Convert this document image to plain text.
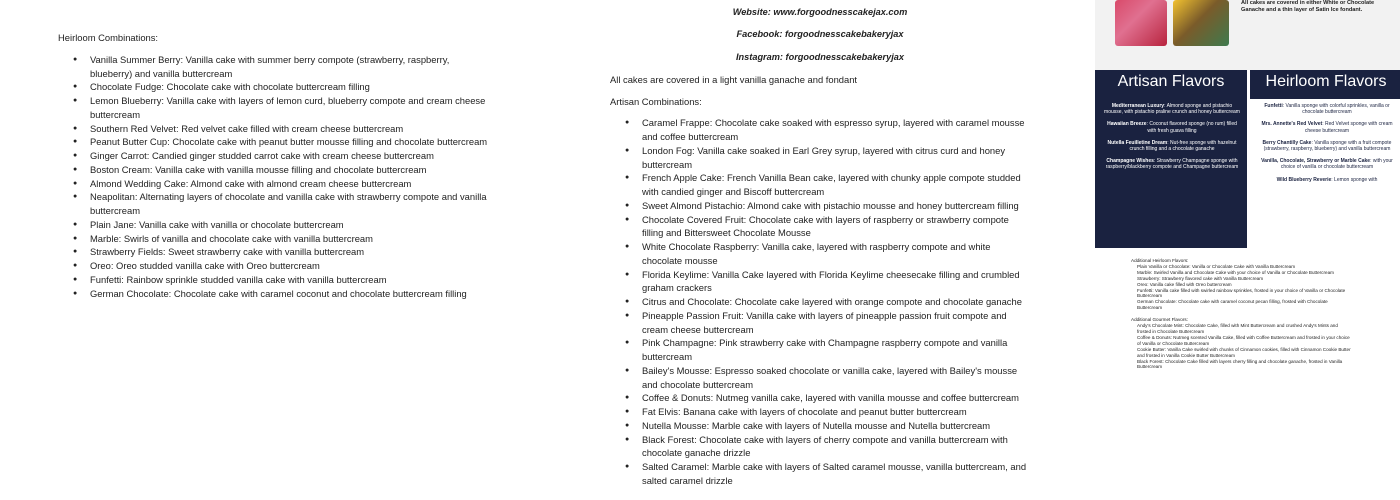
Heirloom Combinations:
● Vanilla Summer Berry: Vanilla cake with summer berry compote (strawberry, raspberry, blueberry) and vanilla buttercream
● Chocolate Fudge: Chocolate cake with chocolate buttercream filling
● Lemon Blueberry: Vanilla cake with layers of lemon curd, blueberry compote and cream cheese buttercream
● Southern Red Velvet: Red velvet cake filled with cream cheese buttercream
● Peanut Butter Cup: Chocolate cake with peanut butter mousse filling and chocolate buttercream
● Ginger Carrot: Candied ginger studded carrot cake with cream cheese buttercream
● Boston Cream: Vanilla cake with vanilla mousse filling and chocolate buttercream
● Almond Wedding Cake: Almond cake with almond cream cheese buttercream
● Neapolitan: Alternating layers of chocolate and vanilla cake with strawberry compote and vanilla buttercream
● Plain Jane: Vanilla cake with vanilla or chocolate buttercream
● Marble: Swirls of vanilla and chocolate cake with vanilla buttercream
● Strawberry Fields: Sweet strawberry cake with vanilla buttercream
● Oreo: Oreo studded vanilla cake with Oreo buttercream
● Funfetti: Rainbow sprinkle studded vanilla cake with vanilla buttercream
● German Chocolate: Chocolate cake with caramel coconut and chocolate buttercream filling
Website: www.forgoodnesscakejax.com
Facebook: forgoodnesscakebakeryjax
Instagram: forgoodnesscakebakeryjax
All cakes are covered in a light vanilla ganache and fondant
Artisan Combinations:
● Caramel Frappe: Chocolate cake soaked with espresso syrup, layered with caramel mousse and coffee buttercream
● London Fog: Vanilla cake soaked in Earl Grey syrup, layered with citrus curd and honey buttercream
● French Apple Cake: French Vanilla Bean cake, layered with chunky apple compote studded with candied ginger and Biscoff buttercream
● Sweet Almond Pistachio: Almond cake with pistachio mousse and honey buttercream filling
● Chocolate Covered Fruit: Chocolate cake with layers of raspberry or strawberry compote filling and Bittersweet Chocolate Mousse
● White Chocolate Raspberry: Vanilla cake, layered with raspberry compote and white chocolate mousse
● Florida Keylime: Vanilla Cake layered with Florida Keylime cheesecake filling and crumbled graham crackers
● Citrus and Chocolate: Chocolate cake layered with orange compote and chocolate ganache
● Pineapple Passion Fruit: Vanilla cake with layers of pineapple passion fruit compote and cream cheese buttercream
● Pink Champagne: Pink strawberry cake with Champagne raspberry compote and vanilla buttercream
● Bailey's Mousse: Espresso soaked chocolate or vanilla cake, layered with Bailey's mousse and chocolate buttercream
● Coffee & Donuts: Nutmeg vanilla cake, layered with vanilla mousse and coffee buttercream
● Fat Elvis: Banana cake with layers of chocolate and peanut butter buttercream
● Nutella Mousse: Marble cake with layers of Nutella mousse and Nutella buttercream
● Black Forest: Chocolate cake with layers of cherry compote and vanilla buttercream with chocolate ganache drizzle
● Salted Caramel: Marble cake with layers of Salted caramel mousse, vanilla buttercream, and salted caramel drizzle
All cakes are covered in either White or Chocolate Ganache and a thin layer of Satin Ice fondant.
Artisan Flavors
Mediterranean Luxury: Almond sponge and pistachio mousse, with pistachio praline crunch and honey buttercream
Hawaiian Breeze: Coconut flavored sponge (no rum) filled with fresh guava filling
Nutella Feuilletine Dream: Nut-free sponge with hazelnut crunch filling and a chocolate ganache
Champagne Wishes: Strawberry Champagne sponge with raspberry/blackberry compote and Champagne buttercream
Heirloom Flavors
Funfetti: Vanilla sponge with colorful sprinkles, vanilla or chocolate buttercream
Mrs. Annette's Red Velvet: Red Velvet sponge with cream cheese buttercream
Berry Chantilly Cake: Vanilla sponge with a fruit compote (strawberry, raspberry, blueberry) and vanilla buttercream
Vanilla, Chocolate, Strawberry or Marble Cake: with your choice of vanilla or chocolate buttercream
Wild Blueberry Reverie: Lemon sponge with
Additional Heirloom Flavors:
Plain Vanilla or Chocolate: Vanilla or Chocolate Cake with Vanilla Buttercream
Marble: Swirled Vanilla and Chocolate Cake with your choice of Vanilla or Chocolate Buttercream
Strawberry: Strawberry flavored cake with Vanilla Buttercream
Oreo: Vanilla cake filled with Oreo buttercream
Funfetti: Vanilla cake filled with swirled rainbow sprinkles, frosted in your choice of Vanilla or Chocolate Buttercream
German Chocolate: Chocolate cake with caramel coconut pecan filling, frosted with Chocolate Buttercream
Additional Gourmet Flavors:
Andy's Chocolate Mint: Chocolate Cake, filled with Mint Buttercream and crushed Andy's Mints and frosted in Chocolate Buttercream
Coffee & Donuts: Nutmeg scented Vanilla Cake, filled with Coffee Buttercream and frosted in your choice of Vanilla or Chocolate Buttercream
Cookie Butter: Vanilla Cake swirled with chunks of Cinnamon cookies, filled with Cinnamon Cookie Butter and frosted in Vanilla Cookie Butter Buttercream
Black Forest: Chocolate Cake filled with layers cherry filling and chocolate ganache, frosted in Vanilla Buttercream
